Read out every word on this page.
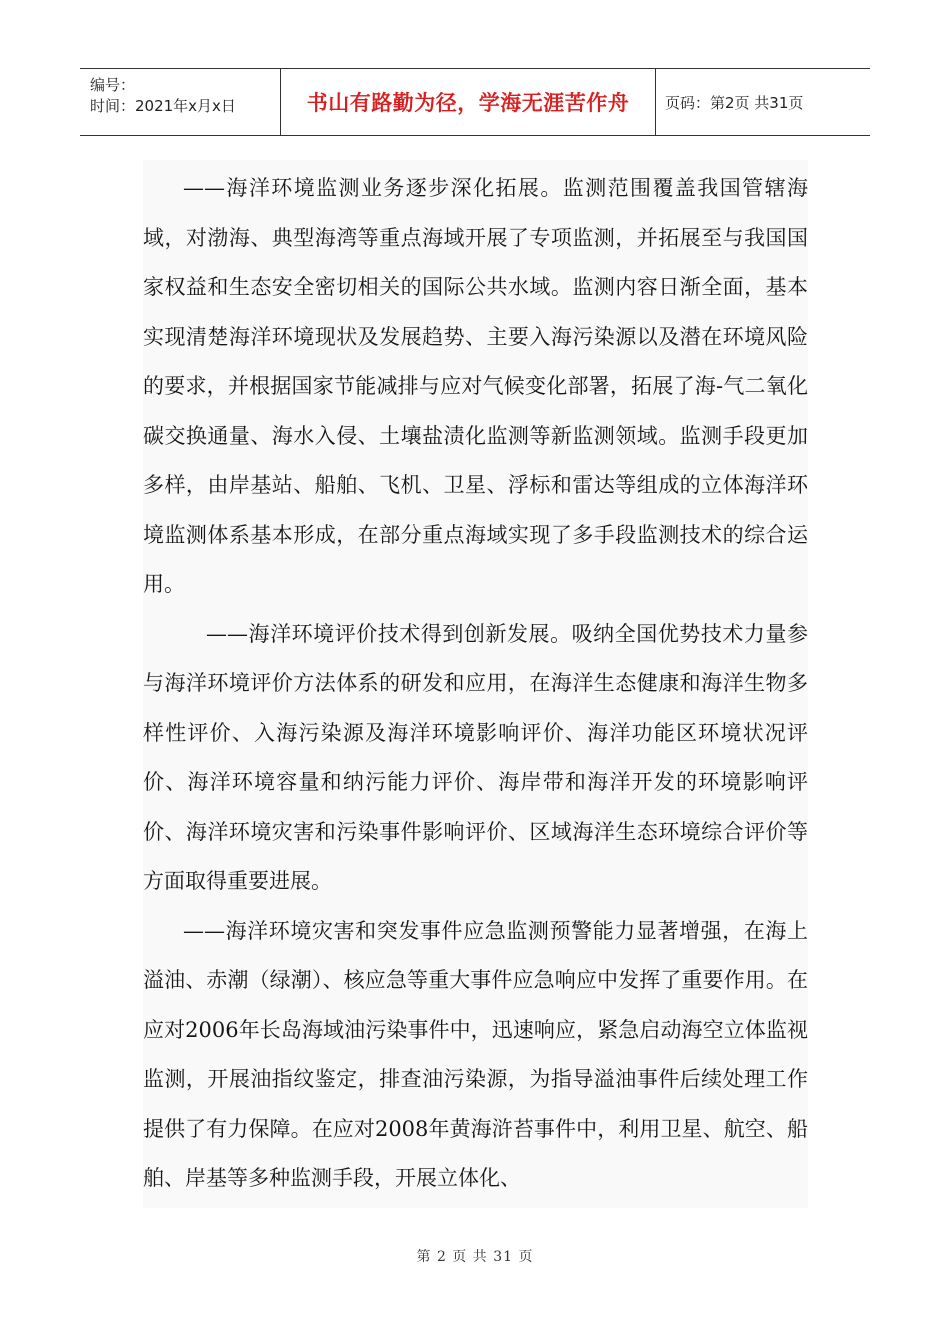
编号：
时间：2021年x月x日	书山有路勤为径，学海无涯苦作舟	页码：第2页 共31页

——海洋环境监测业务逐步深化拓展。监测范围覆盖我国管辖海域，对渤海、典型海湾等重点海域开展了专项监测，并拓展至与我国国家权益和生态安全密切相关的国际公共水域。监测内容日渐全面，基本实现清楚海洋环境现状及发展趋势、主要入海污染源以及潜在环境风险的要求，并根据国家节能减排与应对气候变化部署，拓展了海-气二氧化碳交换通量、海水入侵、土壤盐渍化监测等新监测领域。监测手段更加多样，由岸基站、船舶、飞机、卫星、浮标和雷达等组成的立体海洋环境监测体系基本形成，在部分重点海域实现了多手段监测技术的综合运用。

——海洋环境评价技术得到创新发展。吸纳全国优势技术力量参与海洋环境评价方法体系的研发和应用，在海洋生态健康和海洋生物多样性评价、入海污染源及海洋环境影响评价、海洋功能区环境状况评价、海洋环境容量和纳污能力评价、海岸带和海洋开发的环境影响评价、海洋环境灾害和污染事件影响评价、区域海洋生态环境综合评价等方面取得重要进展。

——海洋环境灾害和突发事件应急监测预警能力显著增强，在海上溢油、赤潮（绿潮）、核应急等重大事件应急响应中发挥了重要作用。在应对2006年长岛海域油污染事件中，迅速响应，紧急启动海空立体监视监测，开展油指纹鉴定，排查油污染源，为指导溢油事件后续处理工作提供了有力保障。在应对2008年黄海浒苔事件中，利用卫星、航空、船舶、岸基等多种监测手段，开展立体化、

第 2 页 共 31 页
